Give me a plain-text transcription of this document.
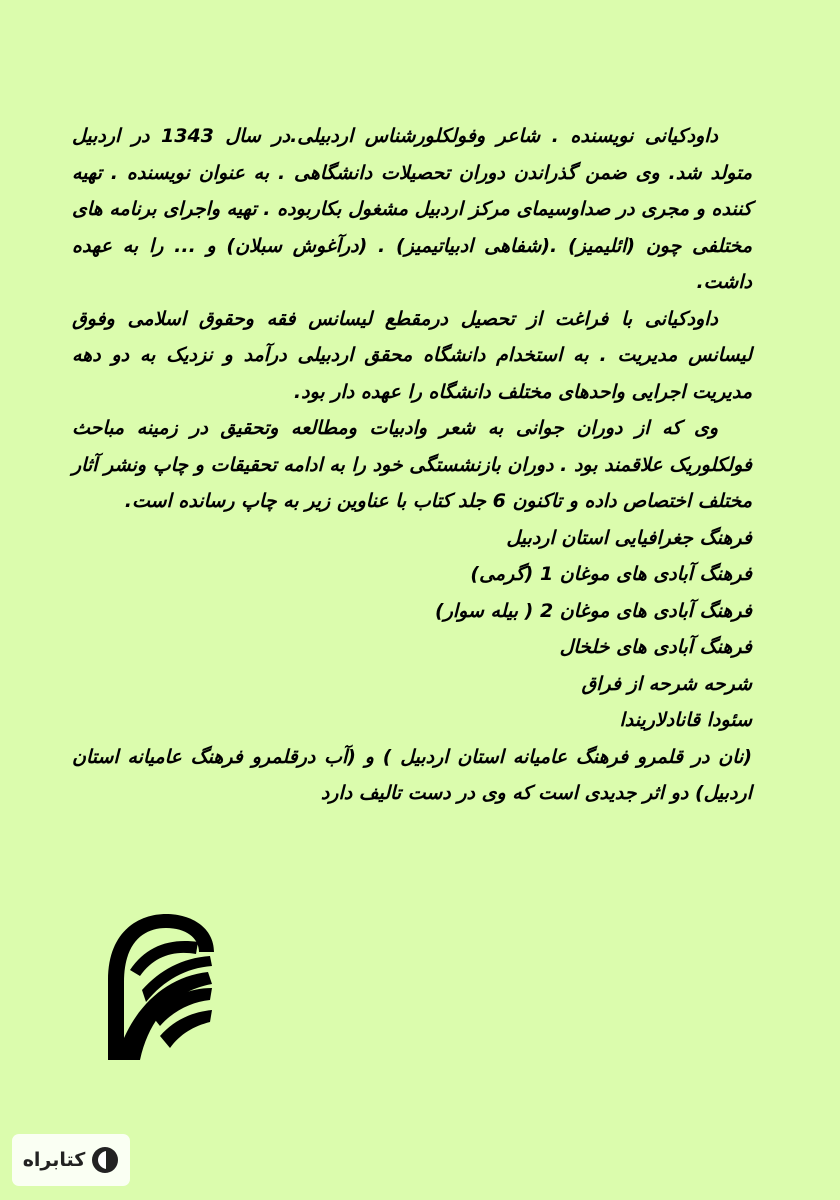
داودکیانی نویسنده . شاعر وفولکلورشناس اردبیلی.در سال 1343 در اردبیل متولد شد. وی ضمن گذراندن دوران تحصیلات دانشگاهی . به عنوان نویسنده . تهیه کننده و مجری در صداوسیمای مرکز اردبیل مشغول بکاربوده . تهیه واجرای برنامه های مختلفی چون (ائلیمیز) .(شفاهی ادبیاتیمیز) . (درآغوش سبلان) و ... را به عهده داشت.

داودکیانی با فراغت از تحصیل درمقطع لیسانس فقه وحقوق اسلامی وفوق لیسانس مدیریت . به استخدام دانشگاه محقق اردبیلی درآمد و نزدیک به دو دهه مدیریت اجرایی واحدهای مختلف دانشگاه را عهده دار بود.

وی که از دوران جوانی به شعر وادبیات ومطالعه وتحقیق در زمینه مباحث فولکلوریک علاقمند بود . دوران بازنشستگی خود را به ادامه تحقیقات و چاپ ونشر آثار مختلف اختصاص داده و تاکنون 6 جلد کتاب با عناوین زیر به چاپ رسانده است.

فرهنگ جغرافیایی استان اردبیل
فرهنگ آبادی های موغان 1 (گرمی)
فرهنگ آبادی های موغان 2 ( بیله سوار)
فرهنگ آبادی های خلخال
شرحه شرحه از فراق
سئودا قانادلاریندا

(نان در قلمرو فرهنگ عامیانه استان اردبیل ) و (آب درقلمرو فرهنگ عامیانه استان اردبیل) دو اثر جدیدی است که وی در دست تالیف دارد

کتابراه
